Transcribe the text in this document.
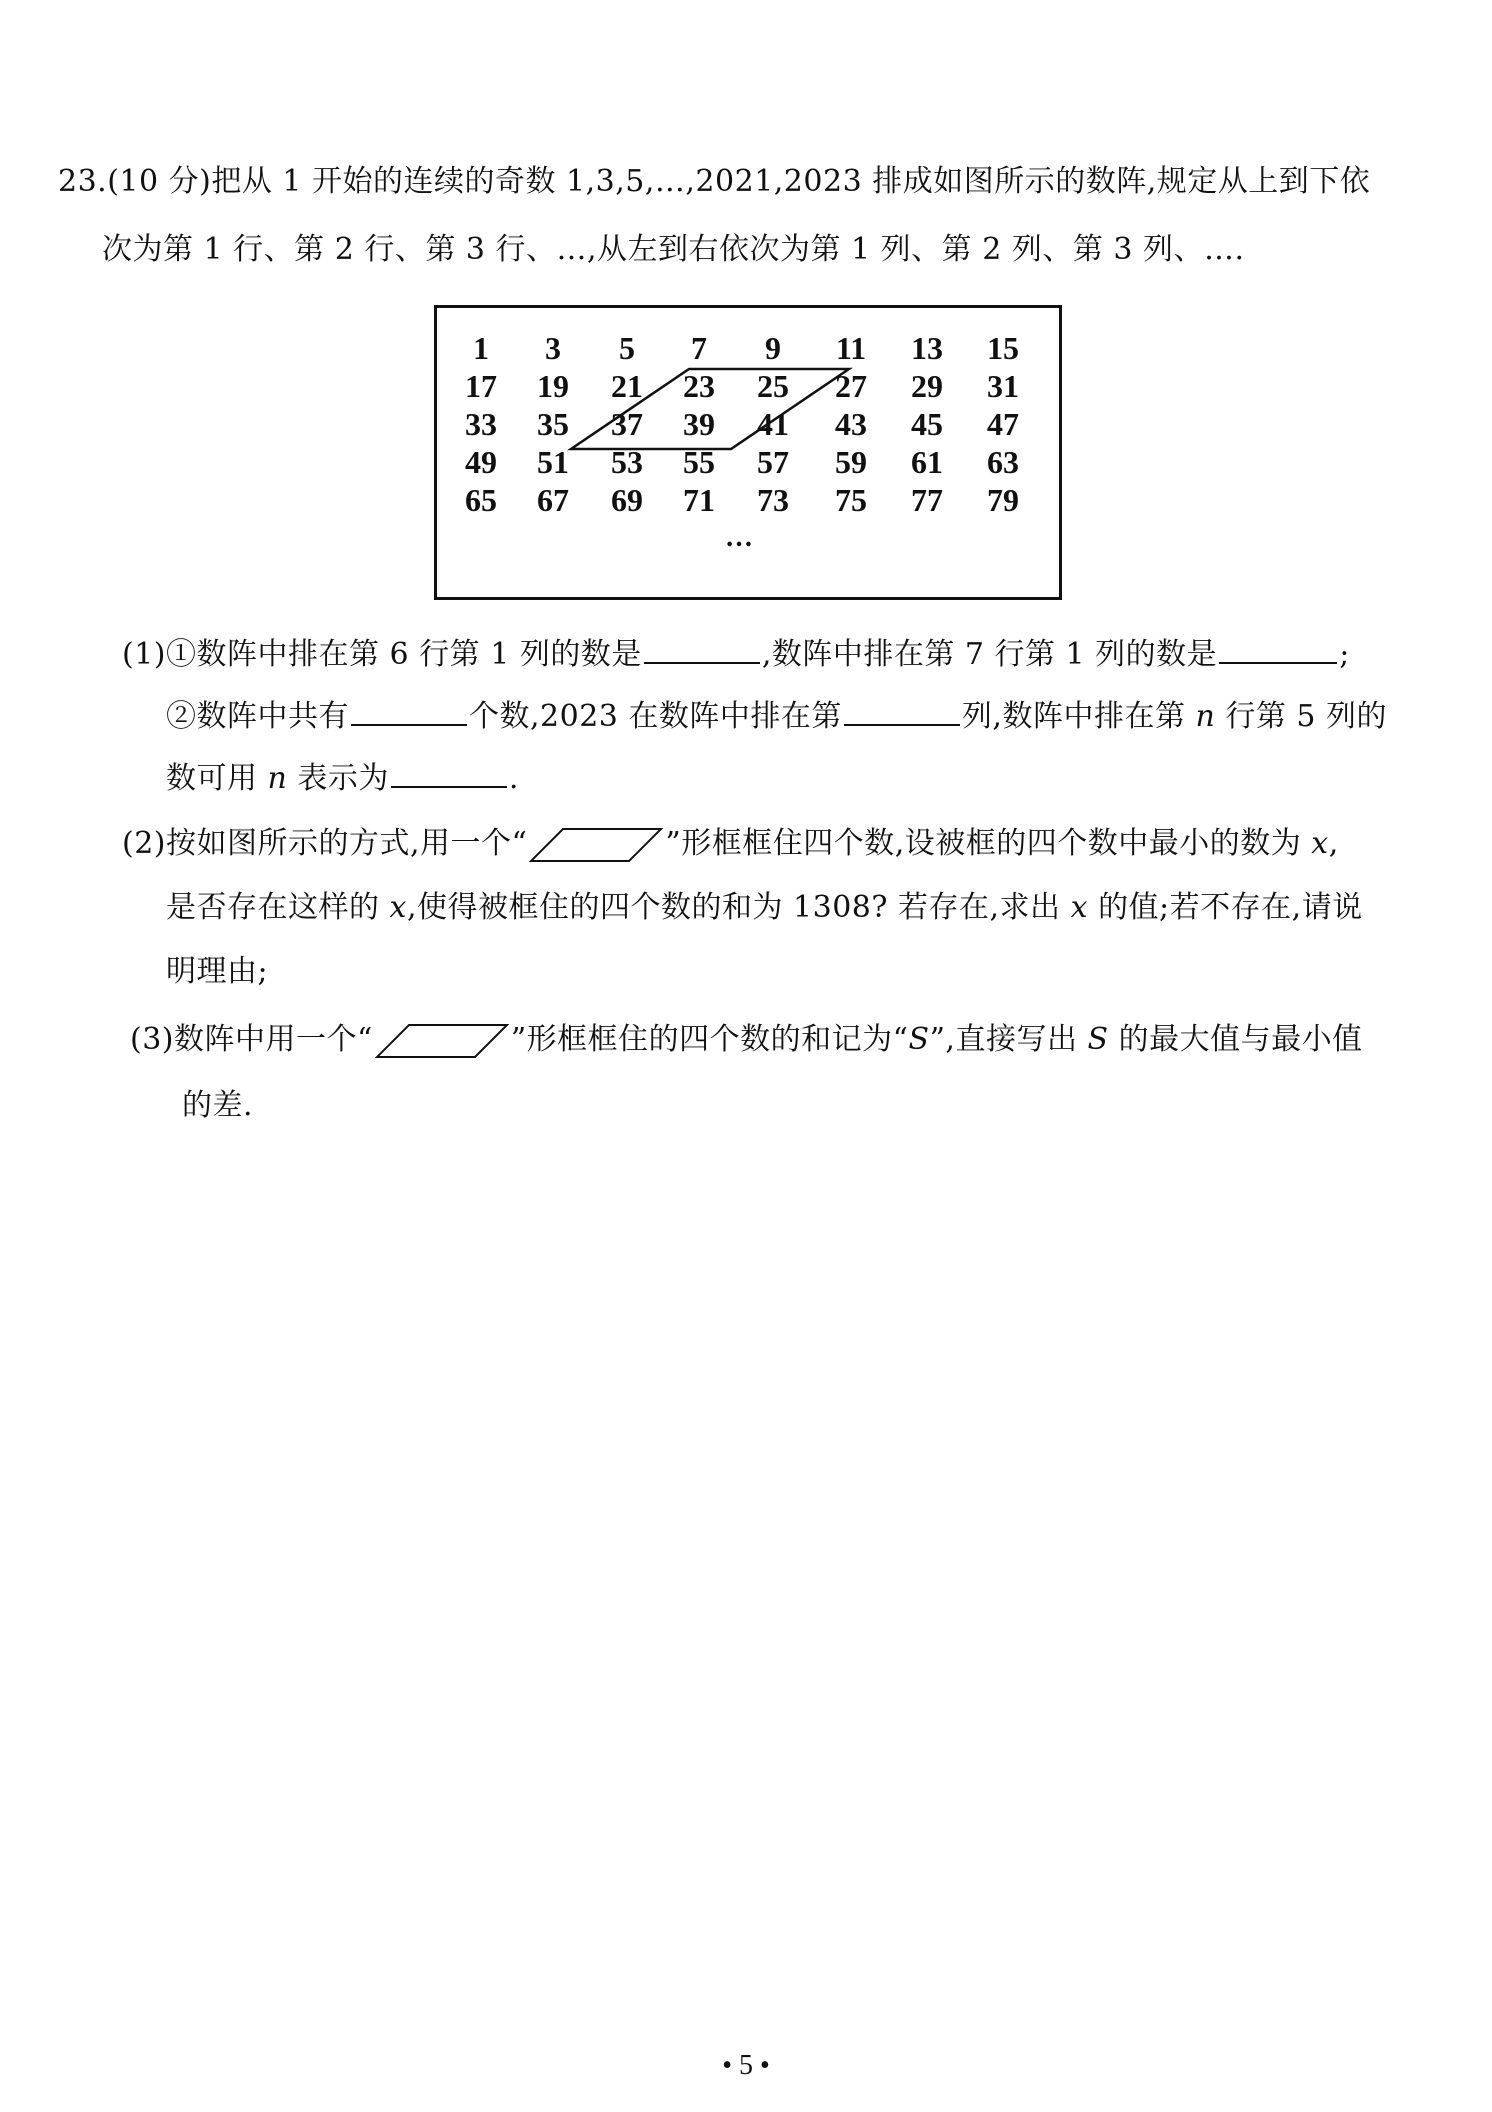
23.(10 分)把从 1 开始的连续的奇数 1,3,5,…,2021,2023 排成如图所示的数阵,规定从上到下依
次为第 1 行、第 2 行、第 3 行、…,从左到右依次为第 1 列、第 2 列、第 3 列、….
1	3	5	7	9	11	13	15
17	19	21	23	25	27	29	31
33	35	37	39	41	43	45	47
49	51	53	55	57	59	61	63
65	67	69	71	73	75	77	79
…
(1)①数阵中排在第 6 行第 1 列的数是	,数阵中排在第 7 行第 1 列的数是	;
②数阵中共有	个数,2023 在数阵中排在第	列,数阵中排在第 n 行第 5 列的
数可用 n 表示为	.
(2)按如图所示的方式,用一个“	”形框框住四个数,设被框的四个数中最小的数为 x,
是否存在这样的 x,使得被框住的四个数的和为 1308? 若存在,求出 x 的值;若不存在,请说
明理由;
(3)数阵中用一个“	”形框框住的四个数的和记为“S”,直接写出 S 的最大值与最小值
的差.
• 5 •
